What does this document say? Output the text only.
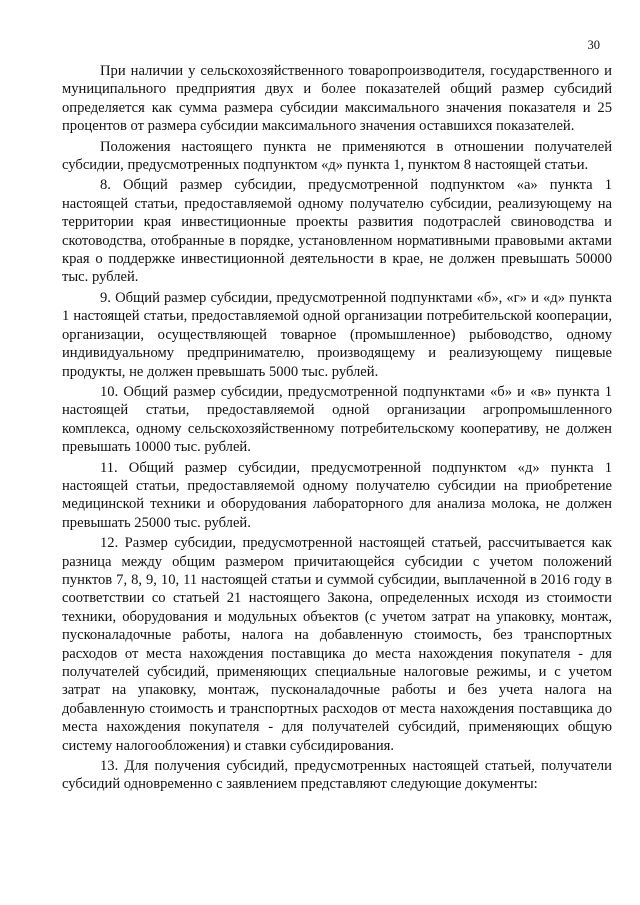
30

При наличии у сельскохозяйственного товаропроизводителя, государственного и муниципального предприятия двух и более показателей общий размер субсидий определяется как сумма размера субсидии максимального значения показателя и 25 процентов от размера субсидии максимального значения оставшихся показателей.

Положения настоящего пункта не применяются в отношении получателей субсидии, предусмотренных подпунктом «д» пункта 1, пунктом 8 настоящей статьи.

8. Общий размер субсидии, предусмотренной подпунктом «а» пункта 1 настоящей статьи, предоставляемой одному получателю субсидии, реализующему на территории края инвестиционные проекты развития подотраслей свиноводства и скотоводства, отобранные в порядке, установленном нормативными правовыми актами края о поддержке инвестиционной деятельности в крае, не должен превышать 50000 тыс. рублей.

9. Общий размер субсидии, предусмотренной подпунктами «б», «г» и «д» пункта 1 настоящей статьи, предоставляемой одной организации потребительской кооперации, организации, осуществляющей товарное (промышленное) рыбоводство, одному индивидуальному предпринимателю, производящему и реализующему пищевые продукты, не должен превышать 5000 тыс. рублей.

10. Общий размер субсидии, предусмотренной подпунктами «б» и «в» пункта 1 настоящей статьи, предоставляемой одной организации агропромышленного комплекса, одному сельскохозяйственному потребительскому кооперативу, не должен превышать 10000 тыс. рублей.

11. Общий размер субсидии, предусмотренной подпунктом «д» пункта 1 настоящей статьи, предоставляемой одному получателю субсидии на приобретение медицинской техники и оборудования лабораторного для анализа молока, не должен превышать 25000 тыс. рублей.

12. Размер субсидии, предусмотренной настоящей статьей, рассчитывается как разница между общим размером причитающейся субсидии с учетом положений пунктов 7, 8, 9, 10, 11 настоящей статьи и суммой субсидии, выплаченной в 2016 году в соответствии со статьей 21 настоящего Закона, определенных исходя из стоимости техники, оборудования и модульных объектов (с учетом затрат на упаковку, монтаж, пусконаладочные работы, налога на добавленную стоимость, без транспортных расходов от места нахождения поставщика до места нахождения покупателя - для получателей субсидий, применяющих специальные налоговые режимы, и с учетом затрат на упаковку, монтаж, пусконаладочные работы и без учета налога на добавленную стоимость и транспортных расходов от места нахождения поставщика до места нахождения покупателя - для получателей субсидий, применяющих общую систему налогообложения) и ставки субсидирования.

13. Для получения субсидий, предусмотренных настоящей статьей, получатели субсидий одновременно с заявлением представляют следующие документы:
